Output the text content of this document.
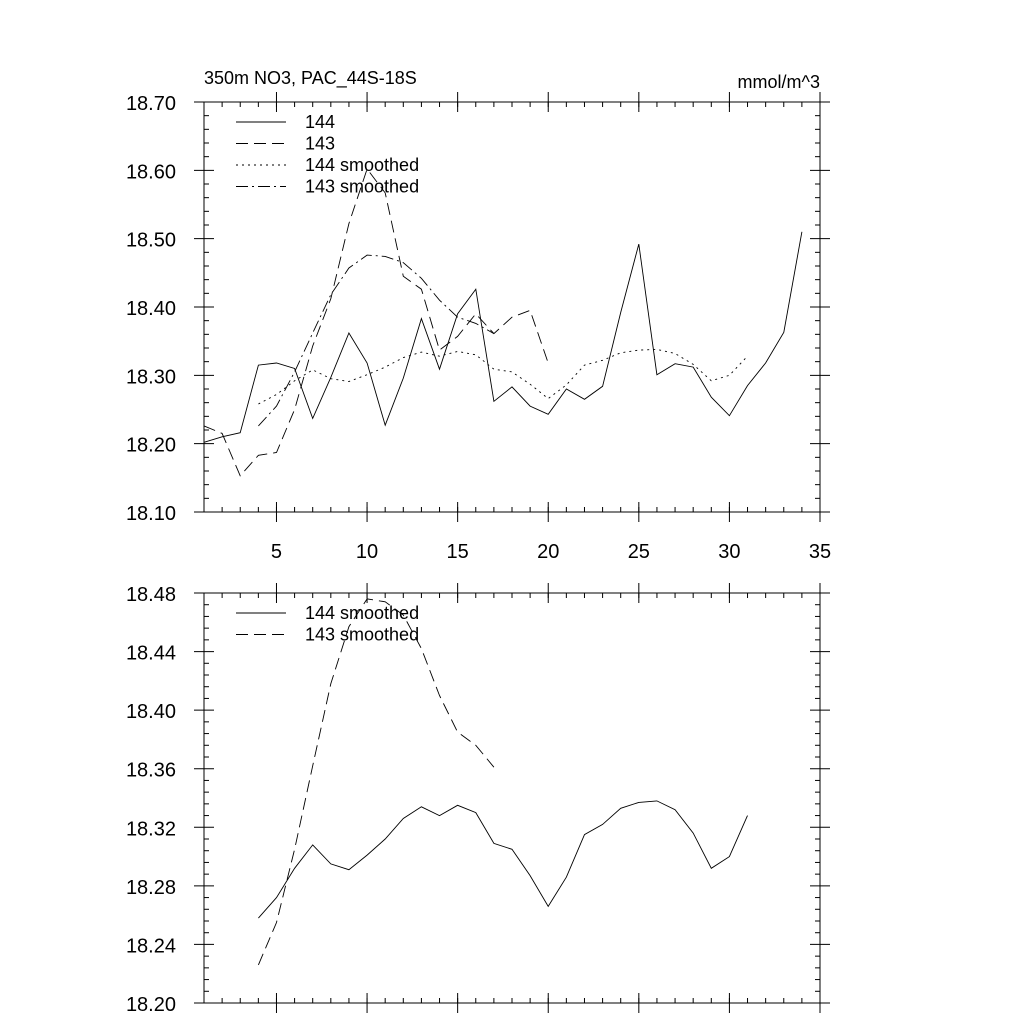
5	10	15	20	25	30	35
18.10
18.20
18.30
18.40
18.50
18.60
18.70
350m NO3, PAC_44S-18S	mmol/m^3
144
143
144 smoothed
143 smoothed
18.20
18.24
18.28
18.32
18.36
18.40
18.44
18.48
144 smoothed
143 smoothed
